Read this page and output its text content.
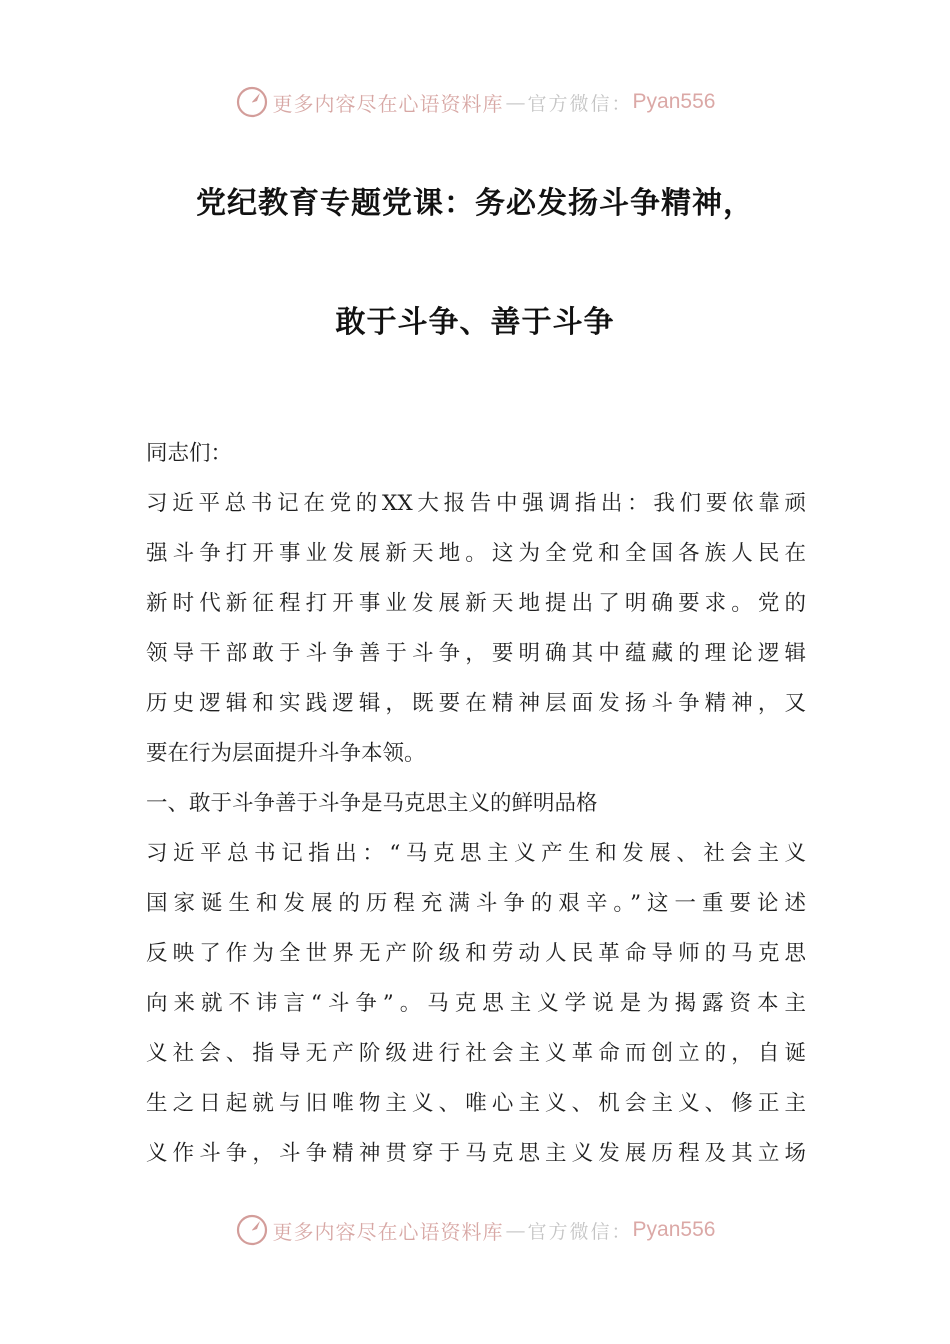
更多内容尽在心语资料库 — 官方微信： Pyan556
党纪教育专题党课：务必发扬斗争精神，
敢于斗争、善于斗争
同志们：
习近平总书记在党的XX大报告中强调指出：我们要依靠顽
强斗争打开事业发展新天地。这为全党和全国各族人民在
新时代新征程打开事业发展新天地提出了明确要求。党的
领导干部敢于斗争善于斗争，要明确其中蕴藏的理论逻辑
历史逻辑和实践逻辑，既要在精神层面发扬斗争精神，又
要在行为层面提升斗争本领。
一、敢于斗争善于斗争是马克思主义的鲜明品格
习近平总书记指出：“马克思主义产生和发展、社会主义
国家诞生和发展的历程充满斗争的艰辛。”这一重要论述
反映了作为全世界无产阶级和劳动人民革命导师的马克思
向来就不讳言“斗争”。马克思主义学说是为揭露资本主
义社会、指导无产阶级进行社会主义革命而创立的，自诞
生之日起就与旧唯物主义、唯心主义、机会主义、修正主
义作斗争，斗争精神贯穿于马克思主义发展历程及其立场
更多内容尽在心语资料库 — 官方微信： Pyan556
